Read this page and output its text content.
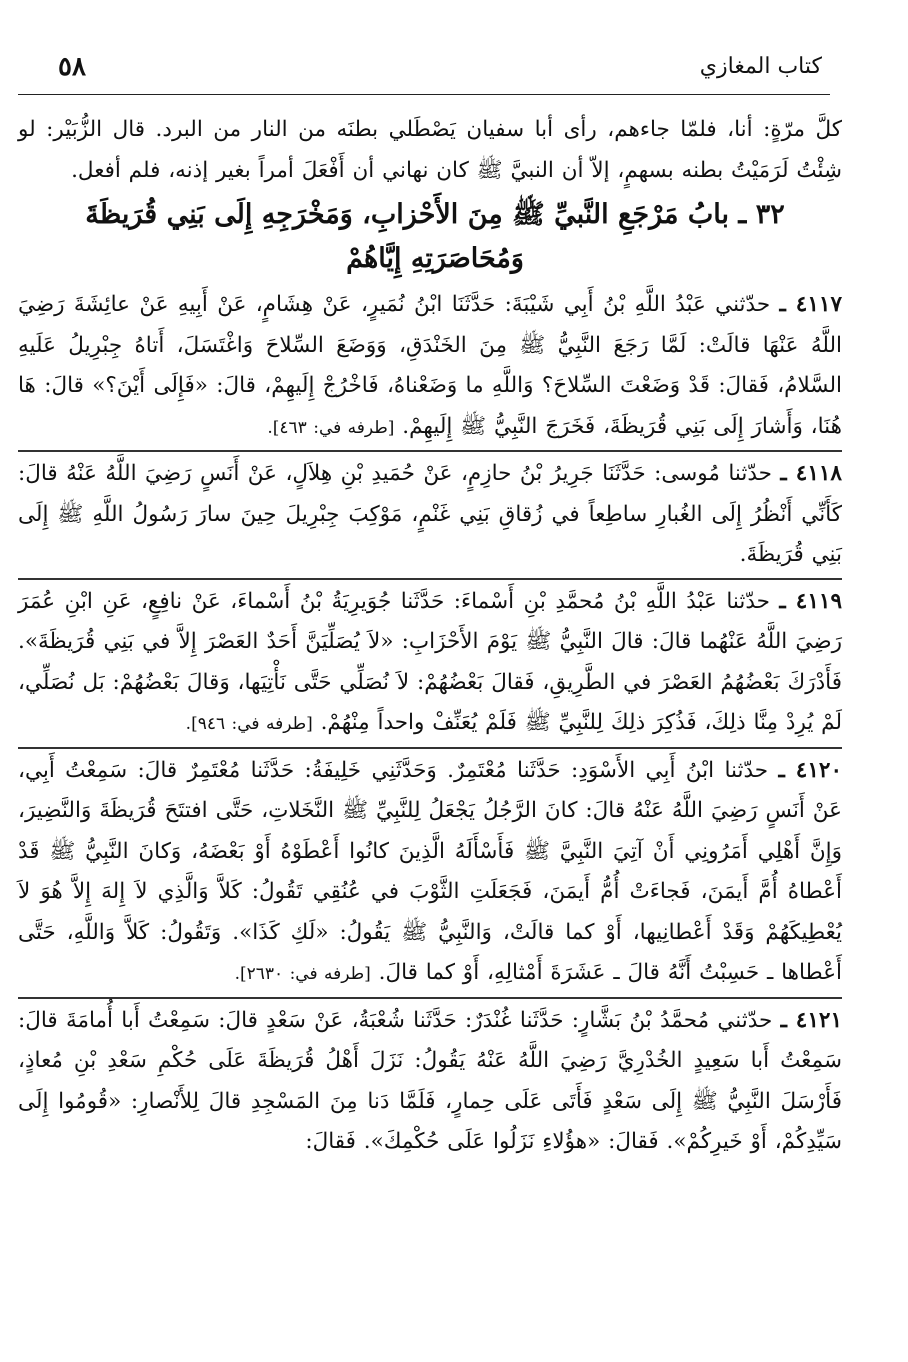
كتاب المغازي
٥٨

كلَّ مرّةٍ: أنا، فلمّا جاءهم، رأى أبا سفيان يَصْطَلي بطنَه من النار من البرد. قال الزُّبَيْر: لو شِئْتُ لَرَمَيْتُ بطنه بسهمٍ، إلاّ أن النبيَّ ﷺ كان نهاني أن أَفْعَلَ أمراً بغير إذنه، فلم أفعل.

٣٢ ـ بابُ مَرْجَعِ النَّبيِّ ﷺ مِنَ الأَحْزابِ، وَمَخْرَجِهِ إِلَى بَنِي قُرَيظَةَ وَمُحَاصَرَتِهِ إِيَّاهُمْ

٤١١٧ ـ حدّثني عَبْدُ اللَّهِ بْنُ أَبِي شَيْبَةَ: حَدَّثَنَا ابْنُ نُمَيرٍ، عَنْ هِشَامٍ، عَنْ أَبِيهِ عَنْ عائِشَةَ رَضِيَ اللَّهُ عَنْهَا قالَتْ: لَمَّا رَجَعَ النَّبِيُّ ﷺ مِنَ الخَنْدَقِ، وَوَضَعَ السِّلاحَ وَاغْتَسَلَ، أَتاهُ جِبْرِيلُ عَلَيهِ السَّلامُ، فَقالَ: قَدْ وَضَعْتَ السِّلاحَ؟ وَاللَّهِ ما وَضَعْناهُ، فَاخْرُجْ إِلَيهِمْ، قالَ: «فَإِلَى أَيْنَ؟» قالَ: هَا هُنَا، وَأَشارَ إِلَى بَنِي قُرَيظَةَ، فَخَرَجَ النَّبِيُّ ﷺ إِلَيهِمْ. [طرفه في: ٤٦٣].

٤١١٨ ـ حدّثنا مُوسى: حَدَّثَنَا جَرِيرُ بْنُ حازِمٍ، عَنْ حُمَيدِ بْنِ هِلاَلٍ، عَنْ أَنَسٍ رَضِيَ اللَّهُ عَنْهُ قالَ: كَأَنِّي أَنْظُرُ إِلَى الغُبارِ ساطِعاً في زُقاقِ بَنِي غَنْمٍ، مَوْكِبَ جِبْرِيلَ حِينَ سارَ رَسُولُ اللَّهِ ﷺ إِلَى بَنِي قُرَيظَةَ.

٤١١٩ ـ حدّثنا عَبْدُ اللَّهِ بْنُ مُحمَّدِ بْنِ أَسْماءَ: حَدَّثَنا جُوَيرِيَةُ بْنُ أَسْماءَ، عَنْ نافِعٍ، عَنِ ابْنِ عُمَرَ رَضِيَ اللَّهُ عَنْهُما قالَ: قالَ النَّبِيُّ ﷺ يَوْمَ الأَحْزَابِ: «لاَ يُصَلِّيَنَّ أَحَدٌ العَصْرَ إِلاَّ في بَنِي قُرَيظَةَ». فَأَدْرَكَ بَعْضُهُمُ العَصْرَ في الطَّرِيقِ، فَقالَ بَعْضُهُمْ: لاَ نُصَلِّي حَتَّى نَأْتِيَها، وَقالَ بَعْضُهُمْ: بَل نُصَلِّي، لَمْ يُرِدْ مِنَّا ذلِكَ، فَذُكِرَ ذلِكَ لِلنَّبِيِّ ﷺ فَلَمْ يُعَنِّفْ واحداً مِنْهُمْ. [طرفه في: ٩٤٦].

٤١٢٠ ـ حدّثنا ابْنُ أَبِي الأَسْوَدِ: حَدَّثَنا مُعْتَمِرٌ. وَحَدَّثَنِي خَلِيفَةُ: حَدَّثَنا مُعْتَمِرٌ قالَ: سَمِعْتُ أَبِي، عَنْ أَنَسٍ رَضِيَ اللَّهُ عَنْهُ قالَ: كانَ الرَّجُلُ يَجْعَلُ لِلنَّبِيِّ ﷺ النَّخَلاتِ، حَتَّى افتتَحَ قُرَيظَةَ وَالنَّضِيرَ، وَإِنَّ أَهْلِي أَمَرُونِي أَنْ آتِيَ النَّبِيَّ ﷺ فَأَسْأَلَهُ الَّذِينَ كانُوا أَعْطَوْهُ أَوْ بَعْضَهُ، وَكانَ النَّبِيُّ ﷺ قَدْ أَعْطاهُ أُمَّ أَيمَنَ، فَجاءَتْ أُمُّ أَيمَنَ، فَجَعَلَتِ الثَّوْبَ في عُنُقِي تَقُولُ: كَلاَّ وَالَّذِي لاَ إِلهَ إِلاَّ هُوَ لاَ يُعْطِيكَهُمْ وَقَدْ أَعْطانِيها، أَوْ كما قالَتْ، وَالنَّبِيُّ ﷺ يَقُولُ: «لَكِ كَذَا». وَتَقُولُ: كَلاَّ وَاللَّهِ، حَتَّى أَعْطاها ـ حَسِبْتُ أَنَّهُ قالَ ـ عَشَرَةَ أَمْثالِهِ، أَوْ كما قالَ. [طرفه في: ٢٦٣٠].

٤١٢١ ـ حدّثني مُحمَّدُ بْنُ بَشَّارٍ: حَدَّثَنا غُنْدَرٌ: حَدَّثَنا شُعْبَةُ، عَنْ سَعْدٍ قالَ: سَمِعْتُ أَبا أُمامَةَ قالَ: سَمِعْتُ أَبا سَعِيدٍ الخُدْرِيَّ رَضِيَ اللَّهُ عَنْهُ يَقُولُ: نَزَلَ أَهْلُ قُرَيظَةَ عَلَى حُكْمِ سَعْدِ بْنِ مُعاذٍ، فَأَرْسَلَ النَّبِيُّ ﷺ إِلَى سَعْدٍ فَأَتَى عَلَى حِمارٍ، فَلَمَّا دَنا مِنَ المَسْجِدِ قالَ لِلأَنْصارِ: «قُومُوا إِلَى سَيِّدِكُمْ، أَوْ خَيرِكُمْ». فَقالَ: «هؤُلاءِ نَزَلُوا عَلَى حُكْمِكَ». فَقالَ:
